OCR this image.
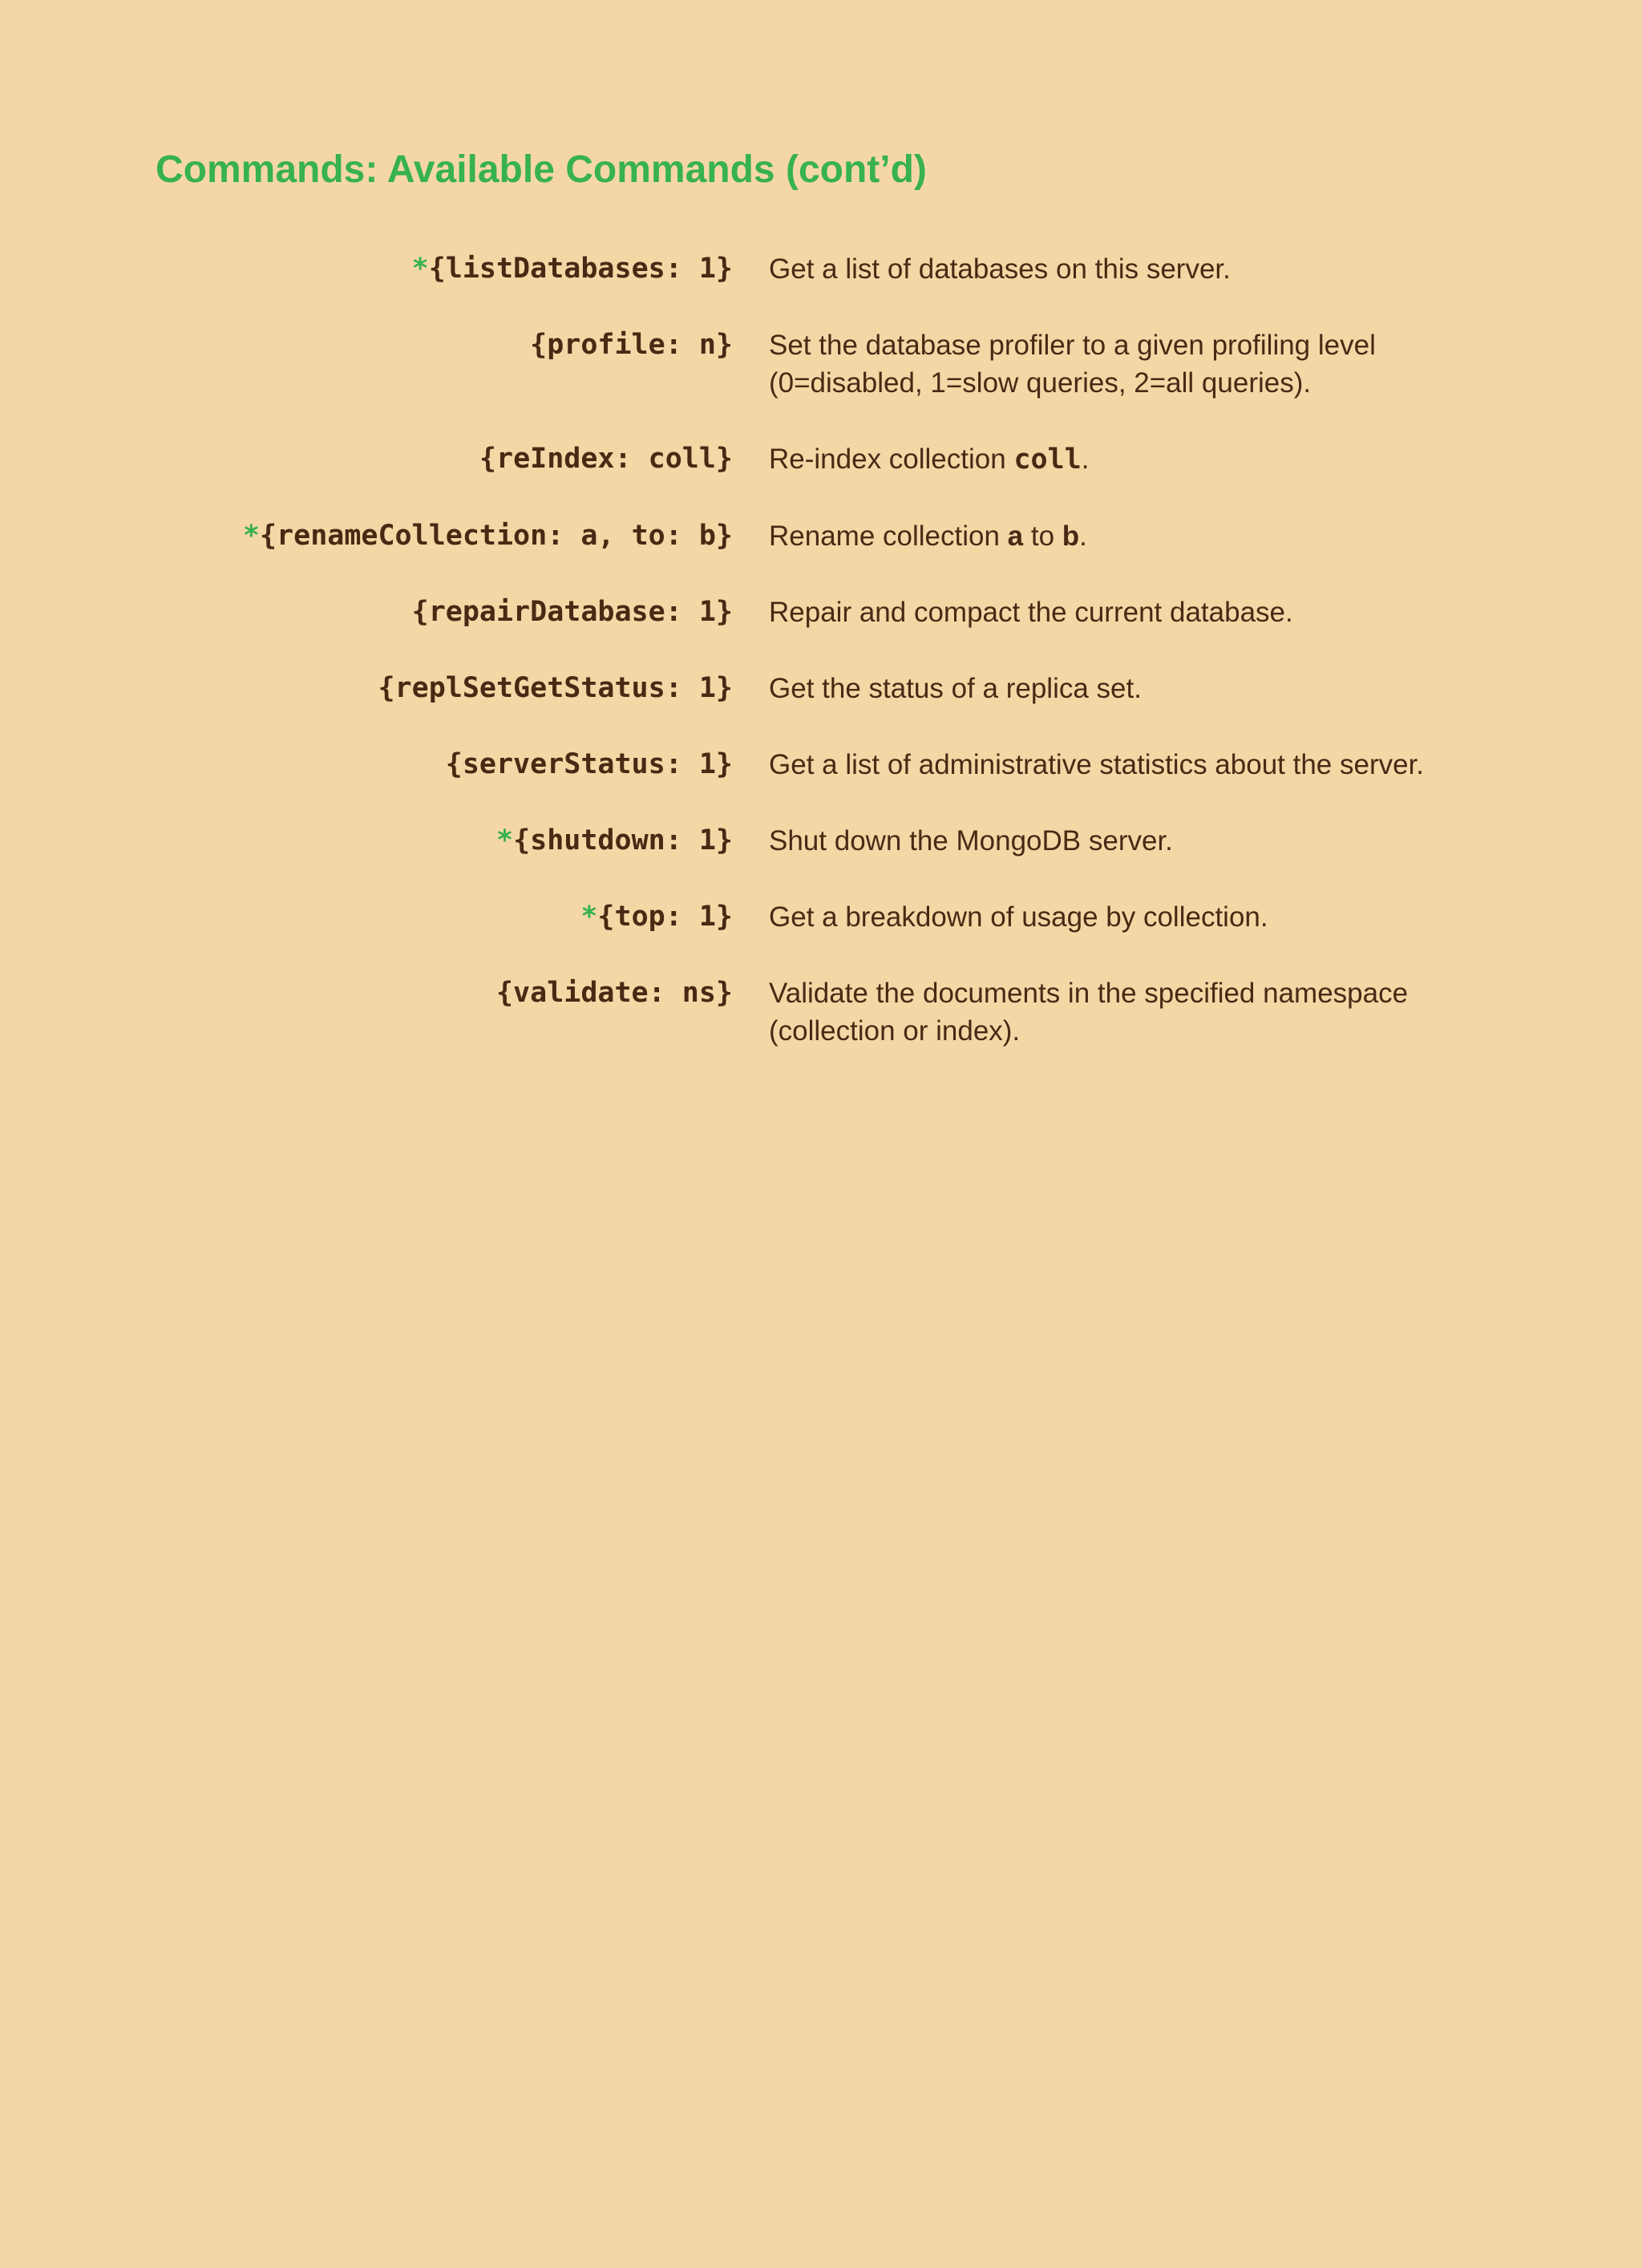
Commands: Available Commands (cont’d)
*{listDatabases: 1} Get a list of databases on this server.
{profile: n} Set the database profiler to a given profiling level
(0=disabled, 1=slow queries, 2=all queries).
{reIndex: coll} Re-index collection coll.
*{renameCollection: a, to: b} Rename collection a to b.
{repairDatabase: 1} Repair and compact the current database.
{replSetGetStatus: 1} Get the status of a replica set.
{serverStatus: 1} Get a list of administrative statistics about the server.
*{shutdown: 1} Shut down the MongoDB server.
*{top: 1} Get a breakdown of usage by collection.
{validate: ns} Validate the documents in the specified namespace
(collection or index).
